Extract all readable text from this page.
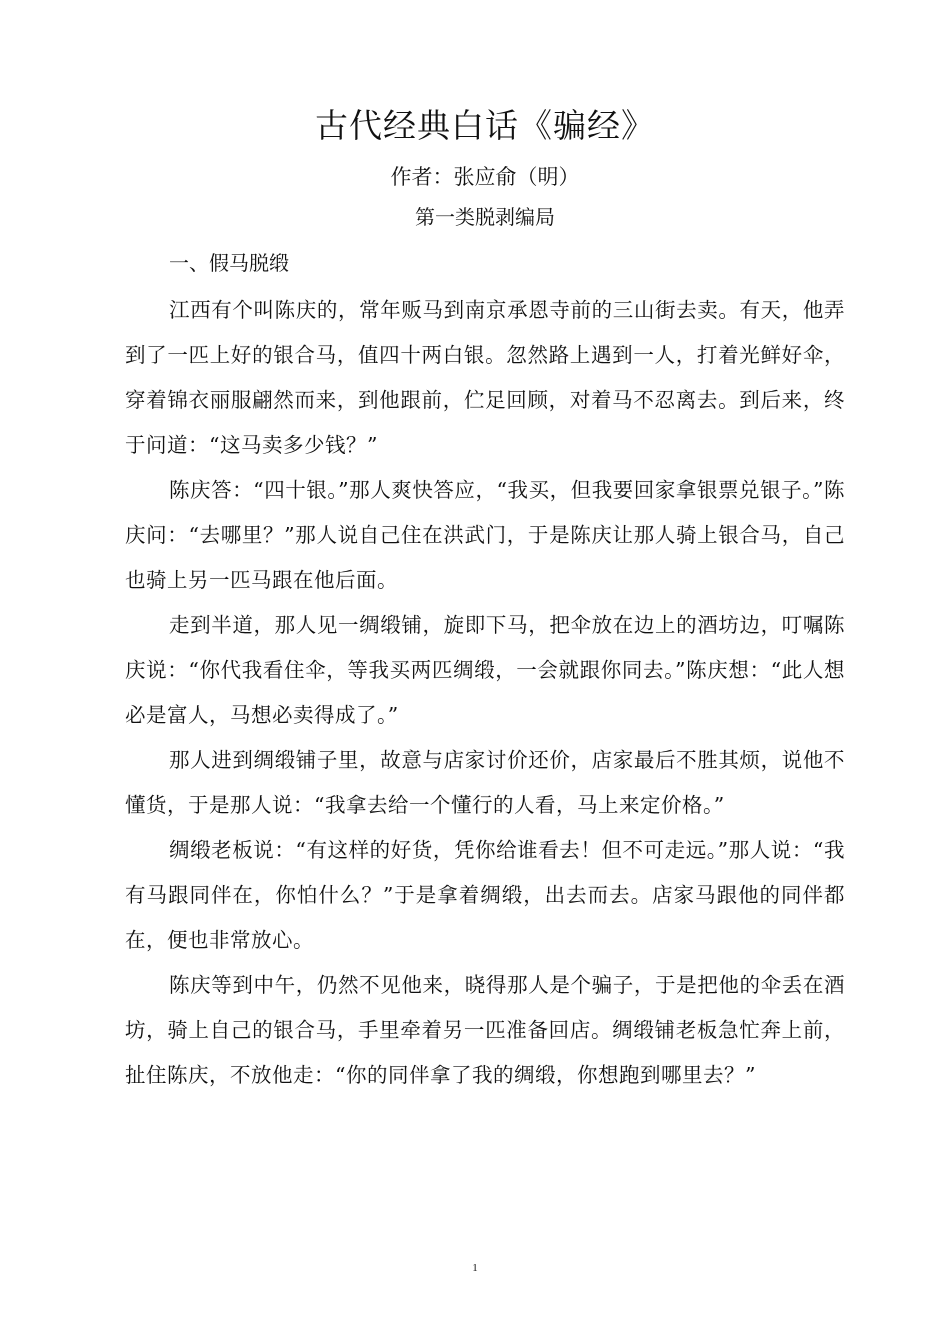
古代经典白话《骗经》
作者：张应俞（明）
第一类脱剥编局
一、假马脱缎

江西有个叫陈庆的，常年贩马到南京承恩寺前的三山街去卖。有天，他弄到了一匹上好的银合马，值四十两白银。忽然路上遇到一人，打着光鲜好伞，穿着锦衣丽服翩然而来，到他跟前，伫足回顾，对着马不忍离去。到后来，终于问道：“这马卖多少钱？”

陈庆答：“四十银。”那人爽快答应，“我买，但我要回家拿银票兑银子。”陈庆问：“去哪里？”那人说自己住在洪武门，于是陈庆让那人骑上银合马，自己也骑上另一匹马跟在他后面。

走到半道，那人见一绸缎铺，旋即下马，把伞放在边上的酒坊边，叮嘱陈庆说：“你代我看住伞，等我买两匹绸缎，一会就跟你同去。”陈庆想：“此人想必是富人，马想必卖得成了。”

那人进到绸缎铺子里，故意与店家讨价还价，店家最后不胜其烦，说他不懂货，于是那人说：“我拿去给一个懂行的人看，马上来定价格。”

绸缎老板说：“有这样的好货，凭你给谁看去！但不可走远。”那人说：“我有马跟同伴在，你怕什么？”于是拿着绸缎，出去而去。店家马跟他的同伴都在，便也非常放心。

陈庆等到中午，仍然不见他来，晓得那人是个骗子，于是把他的伞丢在酒坊，骑上自己的银合马，手里牵着另一匹准备回店。绸缎铺老板急忙奔上前，扯住陈庆，不放他走：“你的同伴拿了我的绸缎，你想跑到哪里去？”

1
